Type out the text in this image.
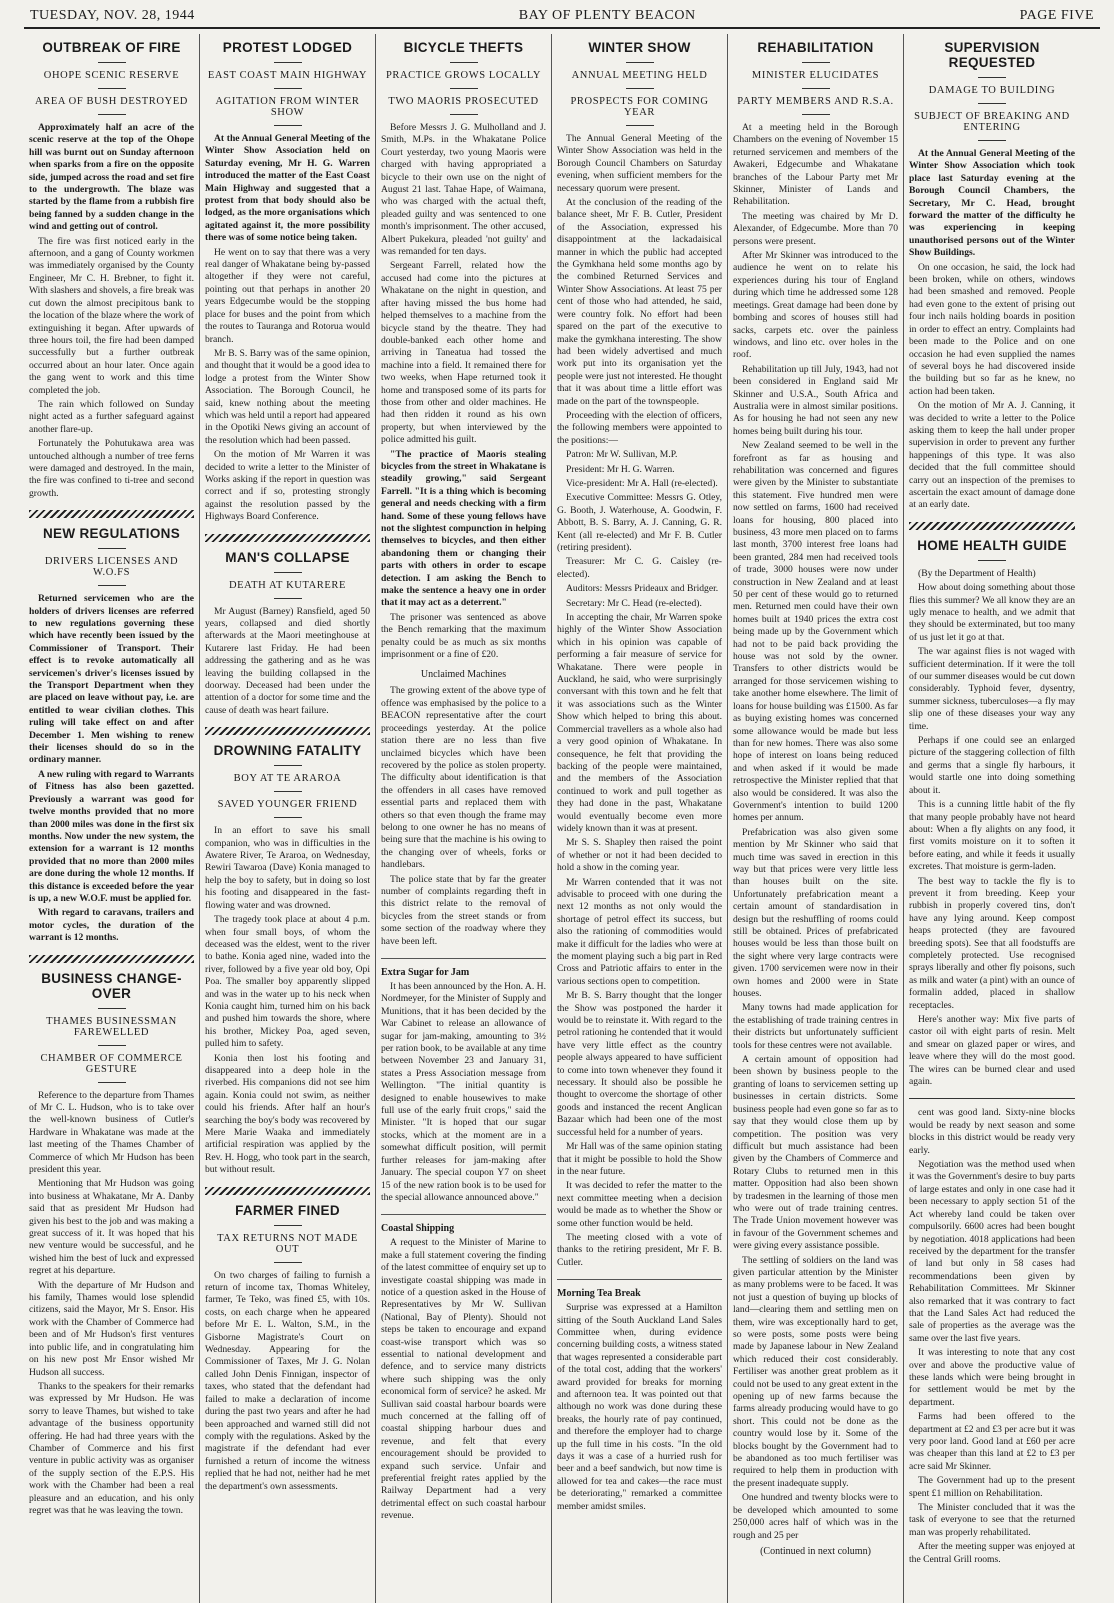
TUESDAY, NOV. 28, 1944	BAY OF PLENTY BEACON	PAGE FIVE
OUTBREAK OF FIRE
OHOPE SCENIC RESERVE
AREA OF BUSH DESTROYED

Approximately half an acre of the scenic reserve at the top of the Ohope hill was burnt out on Sunday afternoon when sparks from a fire on the opposite side, jumped across the road and set fire to the undergrowth. The blaze was started by the flame from a rubbish fire being fanned by a sudden change in the wind and getting out of control.

The fire was first noticed early in the afternoon, and a gang of County workmen was immediately organised by the County Engineer, Mr C. H. Brebner, to fight it. With slashers and shovels, a fire break was cut down the almost precipitous bank to the location of the blaze where the work of extinguishing it began. After upwards of three hours toil, the fire had been damped successfully but a further outbreak occurred about an hour later. Once again the gang went to work and this time completed the job.

The rain which followed on Sunday night acted as a further safeguard against another flare-up.

Fortunately the Pohutukawa area was untouched although a number of tree ferns were damaged and destroyed. In the main, the fire was confined to ti-tree and second growth.

NEW REGULATIONS
DRIVERS LICENSES AND W.O.FS

Returned servicemen who are the holders of drivers licenses are referred to new regulations governing these which have recently been issued by the Commissioner of Transport. Their effect is to revoke automatically all servicemen's driver's licenses issued by the Transport Department when they are placed on leave without pay, i.e. are entitled to wear civilian clothes. This ruling will take effect on and after December 1. Men wishing to renew their licenses should do so in the ordinary manner.

A new ruling with regard to Warrants of Fitness has also been gazetted. Previously a warrant was good for twelve months provided that no more than 2000 miles was done in the first six months. Now under the new system, the extension for a warrant is 12 months provided that no more than 2000 miles are done during the whole 12 months. If this distance is exceeded before the year is up, a new W.O.F. must be applied for.

With regard to caravans, trailers and motor cycles, the duration of the warrant is 12 months.

BUSINESS CHANGE-OVER
THAMES BUSINESSMAN FAREWELLED
CHAMBER OF COMMERCE GESTURE

Reference to the departure from Thames of Mr C. L. Hudson, who is to take over the well-known business of Cutler's Hardware in Whakatane was made at the last meeting of the Thames Chamber of Commerce of which Mr Hudson has been president this year.

Mentioning that Mr Hudson was going into business at Whakatane, Mr A. Danby said that as president Mr Hudson had given his best to the job and was making a great success of it. It was hoped that his new venture would be successful, and he wished him the best of luck and expressed regret at his departure.

With the departure of Mr Hudson and his family, Thames would lose splendid citizens, said the Mayor, Mr S. Ensor. His work with the Chamber of Commerce had been and of Mr Hudson's first ventures into public life, and in congratulating him on his new post Mr Ensor wished Mr Hudson all success.

Thanks to the speakers for their remarks was expressed by Mr Hudson. He was sorry to leave Thames, but wished to take advantage of the business opportunity offering. He had had three years with the Chamber of Commerce and his first venture in public activity was as organiser of the supply section of the E.P.S. His work with the Chamber had been a real pleasure and an education, and his only regret was that he was leaving the town.

PROTEST LODGED
EAST COAST MAIN HIGHWAY
AGITATION FROM WINTER SHOW

At the Annual General Meeting of the Winter Show Association held on Saturday evening, Mr H. G. Warren introduced the matter of the East Coast Main Highway and suggested that a protest from that body should also be lodged, as the more organisations which agitated against it, the more possibility there was of some notice being taken.

He went on to say that there was a very real danger of Whakatane being by-passed altogether if they were not careful, pointing out that perhaps in another 20 years Edgecumbe would be the stopping place for buses and the point from which the routes to Tauranga and Rotorua would branch.

Mr B. S. Barry was of the same opinion, and thought that it would be a good idea to lodge a protest from the Winter Show Association. The Borough Council, he said, knew nothing about the meeting which was held until a report had appeared in the Opotiki News giving an account of the resolution which had been passed.

On the motion of Mr Warren it was decided to write a letter to the Minister of Works asking if the report in question was correct and if so, protesting strongly against the resolution passed by the Highways Board Conference.

MAN'S COLLAPSE
DEATH AT KUTARERE

Mr August (Barney) Ransfield, aged 50 years, collapsed and died shortly afterwards at the Maori meetinghouse at Kutarere last Friday. He had been addressing the gathering and as he was leaving the building collapsed in the doorway. Deceased had been under the attention of a doctor for some time and the cause of death was heart failure.

DROWNING FATALITY
BOY AT TE ARAROA
SAVED YOUNGER FRIEND

In an effort to save his small companion, who was in difficulties in the Awatere River, Te Araroa, on Wednesday, Rewiri Tawaroa (Dave) Konia managed to help the boy to safety, but in doing so lost his footing and disappeared in the fast-flowing water and was drowned.

The tragedy took place at about 4 p.m. when four small boys, of whom the deceased was the eldest, went to the river to bathe. Konia aged nine, waded into the river, followed by a five year old boy, Opi Poa. The smaller boy apparently slipped and was in the water up to his neck when Konia caught him, turned him on his back and pushed him towards the shore, where his brother, Mickey Poa, aged seven, pulled him to safety.

Konia then lost his footing and disappeared into a deep hole in the riverbed. His companions did not see him again. Konia could not swim, as neither could his friends. After half an hour's searching the boy's body was recovered by Mere Marie Waaka and immediately artificial respiration was applied by the Rev. H. Hogg, who took part in the search, but without result.

FARMER FINED
TAX RETURNS NOT MADE OUT

On two charges of failing to furnish a return of income tax, Thomas Whiteley, farmer, Te Teko, was fined £5, with 10s. costs, on each charge when he appeared before Mr E. L. Walton, S.M., in the Gisborne Magistrate's Court on Wednesday. Appearing for the Commissioner of Taxes, Mr J. G. Nolan called John Denis Finnigan, inspector of taxes, who stated that the defendant had failed to make a declaration of income during the past two years and after he had been approached and warned still did not comply with the regulations. Asked by the magistrate if the defendant had ever furnished a return of income the witness replied that he had not, neither had he met the department's own assessments.

BICYCLE THEFTS
PRACTICE GROWS LOCALLY
TWO MAORIS PROSECUTED

Before Messrs J. G. Mulholland and J. Smith, M.Ps. in the Whakatane Police Court yesterday, two young Maoris were charged with having appropriated a bicycle to their own use on the night of August 21 last. Tahae Hape, of Waimana, who was charged with the actual theft, pleaded guilty and was sentenced to one month's imprisonment. The other accused, Albert Pukekura, pleaded 'not guilty' and was remanded for ten days.

Sergeant Farrell, related how the accused had come into the pictures at Whakatane on the night in question, and after having missed the bus home had helped themselves to a machine from the bicycle stand by the theatre. They had double-banked each other home and arriving in Taneatua had tossed the machine into a field. It remained there for two weeks, when Hape returned took it home and transposed some of its parts for those from other and older machines. He had then ridden it round as his own property, but when interviewed by the police admitted his guilt.

"The practice of Maoris stealing bicycles from the street in Whakatane is steadily growing," said Sergeant Farrell. "It is a thing which is becoming general and needs checking with a firm hand. Some of these young fellows have not the slightest compunction in helping themselves to bicycles, and then either abandoning them or changing their parts with others in order to escape detection. I am asking the Bench to make the sentence a heavy one in order that it may act as a deterrent."

The prisoner was sentenced as above the Bench remarking that the maximum penalty could be as much as six months imprisonment or a fine of £20.

Unclaimed Machines

The growing extent of the above type of offence was emphasised by the police to a BEACON representative after the court proceedings yesterday. At the police station there are no less than five unclaimed bicycles which have been recovered by the police as stolen property. The difficulty about identification is that the offenders in all cases have removed essential parts and replaced them with others so that even though the frame may belong to one owner he has no means of being sure that the machine is his owing to the changing over of wheels, forks or handlebars.

The police state that by far the greater number of complaints regarding theft in this district relate to the removal of bicycles from the street stands or from some section of the roadway where they have been left.

Extra Sugar for Jam

It has been announced by the Hon. A. H. Nordmeyer, for the Minister of Supply and Munitions, that it has been decided by the War Cabinet to release an allowance of sugar for jam-making, amounting to 3½ per ration book, to be available at any time between November 23 and January 31, states a Press Association message from Wellington. "The initial quantity is designed to enable housewives to make full use of the early fruit crops," said the Minister. "It is hoped that our sugar stocks, which at the moment are in a somewhat difficult position, will permit further releases for jam-making after January. The special coupon Y7 on sheet 15 of the new ration book is to be used for the special allowance announced above."

Coastal Shipping

A request to the Minister of Marine to make a full statement covering the finding of the latest committee of enquiry set up to investigate coastal shipping was made in notice of a question asked in the House of Representatives by Mr W. Sullivan (National, Bay of Plenty). Should not steps be taken to encourage and expand coast-wise transport which was so essential to national development and defence, and to service many districts where such shipping was the only economical form of service? he asked. Mr Sullivan said coastal harbour boards were much concerned at the falling off of coastal shipping harbour dues and revenue, and felt that every encouragement should be provided to expand such service. Unfair and preferential freight rates applied by the Railway Department had a very detrimental effect on such coastal harbour revenue.

WINTER SHOW
ANNUAL MEETING HELD
PROSPECTS FOR COMING YEAR

The Annual General Meeting of the Winter Show Association was held in the Borough Council Chambers on Saturday evening, when sufficient members for the necessary quorum were present.

At the conclusion of the reading of the balance sheet, Mr F. B. Cutler, President of the Association, expressed his disappointment at the lackadaisical manner in which the public had accepted the Gymkhana held some months ago by the combined Returned Services and Winter Show Associations. At least 75 per cent of those who had attended, he said, were country folk. No effort had been spared on the part of the executive to make the gymkhana interesting. The show had been widely advertised and much work put into its organisation yet the people were just not interested. He thought that it was about time a little effort was made on the part of the townspeople.

Proceeding with the election of officers, the following members were appointed to the positions:—

Patron: Mr W. Sullivan, M.P.

President: Mr H. G. Warren.

Vice-president: Mr A. Hall (re-elected).

Executive Committee: Messrs G. Otley, G. Booth, J. Waterhouse, A. Goodwin, F. Abbott, B. S. Barry, A. J. Canning, G. R. Kent (all re-elected) and Mr F. B. Cutler (retiring president).

Treasurer: Mr C. G. Caisley (re-elected).

Auditors: Messrs Prideaux and Bridger.

Secretary: Mr C. Head (re-elected).

In accepting the chair, Mr Warren spoke highly of the Winter Show Association which in his opinion was capable of performing a fair measure of service for Whakatane. There were people in Auckland, he said, who were surprisingly conversant with this town and he felt that it was associations such as the Winter Show which helped to bring this about. Commercial travellers as a whole also had a very good opinion of Whakatane. In consequence, he felt that providing the backing of the people were maintained, and the members of the Association continued to work and pull together as they had done in the past, Whakatane would eventually become even more widely known than it was at present.

Mr S. S. Shapley then raised the point of whether or not it had been decided to hold a show in the coming year.

Mr Warren contended that it was not advisable to proceed with one during the next 12 months as not only would the shortage of petrol effect its success, but also the rationing of commodities would make it difficult for the ladies who were at the moment playing such a big part in Red Cross and Patriotic affairs to enter in the various sections open to competition.

Mr B. S. Barry thought that the longer the Show was postponed the harder it would be to reinstate it. With regard to the petrol rationing he contended that it would have very little effect as the country people always appeared to have sufficient to come into town whenever they found it necessary. It should also be possible he thought to overcome the shortage of other goods and instanced the recent Anglican Bazaar which had been one of the most successful held for a number of years.

Mr Hall was of the same opinion stating that it might be possible to hold the Show in the near future.

It was decided to refer the matter to the next committee meeting when a decision would be made as to whether the Show or some other function would be held.

The meeting closed with a vote of thanks to the retiring president, Mr F. B. Cutler.

Morning Tea Break

Surprise was expressed at a Hamilton sitting of the South Auckland Land Sales Committee when, during evidence concerning building costs, a witness stated that wages represented a considerable part of the total cost, adding that the workers' award provided for breaks for morning and afternoon tea. It was pointed out that although no work was done during these breaks, the hourly rate of pay continued, and therefore the employer had to charge up the full time in his costs. "In the old days it was a case of a hurried rush for beer and a beef sandwich, but now time is allowed for tea and cakes—the race must be deteriorating," remarked a committee member amidst smiles.

REHABILITATION
MINISTER ELUCIDATES
PARTY MEMBERS AND R.S.A.

At a meeting held in the Borough Chambers on the evening of November 15 returned servicemen and members of the Awakeri, Edgecumbe and Whakatane branches of the Labour Party met Mr Skinner, Minister of Lands and Rehabilitation.

The meeting was chaired by Mr D. Alexander, of Edgecumbe. More than 70 persons were present.

After Mr Skinner was introduced to the audience he went on to relate his experiences during his tour of England during which time he addressed some 128 meetings. Great damage had been done by bombing and scores of houses still had sacks, carpets etc. over the painless windows, and lino etc. over holes in the roof.

Rehabilitation up till July, 1943, had not been considered in England said Mr Skinner and U.S.A., South Africa and Australia were in almost similar positions. As for housing he had not seen any new homes being built during his tour.

New Zealand seemed to be well in the forefront as far as housing and rehabilitation was concerned and figures were given by the Minister to substantiate this statement. Five hundred men were now settled on farms, 1600 had received loans for housing, 800 placed into business, 43 more men placed on to farms last month, 3700 interest free loans had been granted, 284 men had received tools of trade, 3000 houses were now under construction in New Zealand and at least 50 per cent of these would go to returned men. Returned men could have their own homes built at 1940 prices the extra cost being made up by the Government which had not to be paid back providing the house was not sold by the owner. Transfers to other districts would be arranged for those servicemen wishing to take another home elsewhere. The limit of loans for house building was £1500. As far as buying existing homes was concerned some allowance would be made but less than for new homes. There was also some hope of interest on loans being reduced and when asked if it would be made retrospective the Minister replied that that also would be considered. It was also the Government's intention to build 1200 homes per annum.

Prefabrication was also given some mention by Mr Skinner who said that much time was saved in erection in this way but that prices were very little less than houses built on the site. Unfortunately prefabrication meant a certain amount of standardisation in design but the reshuffling of rooms could still be obtained. Prices of prefabricated houses would be less than those built on the sight where very large contracts were given. 1700 servicemen were now in their own homes and 2000 were in State houses.

Many towns had made application for the establishing of trade training centres in their districts but unfortunately sufficient tools for these centres were not available.

A certain amount of opposition had been shown by business people to the granting of loans to servicemen setting up businesses in certain districts. Some business people had even gone so far as to say that they would close them up by competition. The position was very difficult but much assistance had been given by the Chambers of Commerce and Rotary Clubs to returned men in this matter. Opposition had also been shown by tradesmen in the learning of those men who were out of trade training centres. The Trade Union movement however was in favour of the Government schemes and were giving every assistance possible.

The settling of soldiers on the land was given particular attention by the Minister as many problems were to be faced. It was not just a question of buying up blocks of land—clearing them and settling men on them, wire was exceptionally hard to get, so were posts, some posts were being made by Japanese labour in New Zealand which reduced their cost considerably. Fertiliser was another great problem as it could not be used to any great extent in the opening up of new farms because the farms already producing would have to go short. This could not be done as the country would lose by it. Some of the blocks bought by the Government had to be abandoned as too much fertiliser was required to help them in production with the present inadequate supply.

One hundred and twenty blocks were to be developed which amounted to some 250,000 acres half of which was in the rough and 25 per

(Continued in next column)
SUPERVISION REQUESTED
DAMAGE TO BUILDING
SUBJECT OF BREAKING AND ENTERING

At the Annual General Meeting of the Winter Show Association which took place last Saturday evening at the Borough Council Chambers, the Secretary, Mr C. Head, brought forward the matter of the difficulty he was experiencing in keeping unauthorised persons out of the Winter Show Buildings.

On one occasion, he said, the lock had been broken, while on others, windows had been smashed and removed. People had even gone to the extent of prising out four inch nails holding boards in position in order to effect an entry. Complaints had been made to the Police and on one occasion he had even supplied the names of several boys he had discovered inside the building but so far as he knew, no action had been taken.

On the motion of Mr A. J. Canning, it was decided to write a letter to the Police asking them to keep the hall under proper supervision in order to prevent any further happenings of this type. It was also decided that the full committee should carry out an inspection of the premises to ascertain the exact amount of damage done at an early date.

HOME HEALTH GUIDE

(By the Department of Health)

How about doing something about those flies this summer? We all know they are an ugly menace to health, and we admit that they should be exterminated, but too many of us just let it go at that.

The war against flies is not waged with sufficient determination. If it were the toll of our summer diseases would be cut down considerably. Typhoid fever, dysentry, summer sickness, tuberculoses—a fly may slip one of these diseases your way any time.

Perhaps if one could see an enlarged picture of the staggering collection of filth and germs that a single fly harbours, it would startle one into doing something about it.

This is a cunning little habit of the fly that many people probably have not heard about: When a fly alights on any food, it first vomits moisture on it to soften it before eating, and while it feeds it usually excretes. That moisture is germ-laden.

The best way to tackle the fly is to prevent it from breeding. Keep your rubbish in properly covered tins, don't have any lying around. Keep compost heaps protected (they are favoured breeding spots). See that all foodstuffs are completely protected. Use recognised sprays liberally and other fly poisons, such as milk and water (a pint) with an ounce of formalin added, placed in shallow receptacles.

Here's another way: Mix five parts of castor oil with eight parts of resin. Melt and smear on glazed paper or wires, and leave where they will do the most good. The wires can be burned clear and used again.

cent was good land. Sixty-nine blocks would be ready by next season and some blocks in this district would be ready very early.

Negotiation was the method used when it was the Government's desire to buy parts of large estates and only in one case had it been necessary to apply section 51 of the Act whereby land could be taken over compulsorily. 6600 acres had been bought by negotiation. 4018 applications had been received by the department for the transfer of land but only in 58 cases had recommendations been given by Rehabilitation Committees. Mr Skinner also remarked that it was contrary to fact that the Land Sales Act had reduced the sale of properties as the average was the same over the last five years.

It was interesting to note that any cost over and above the productive value of these lands which were being brought in for settlement would be met by the department.

Farms had been offered to the department at £2 and £3 per acre but it was very poor land. Good land at £60 per acre was cheaper than this land at £2 to £3 per acre said Mr Skinner.

The Government had up to the present spent £1 million on Rehabilitation.

The Minister concluded that it was the task of everyone to see that the returned man was properly rehabilitated.

After the meeting supper was enjoyed at the Central Grill rooms.
